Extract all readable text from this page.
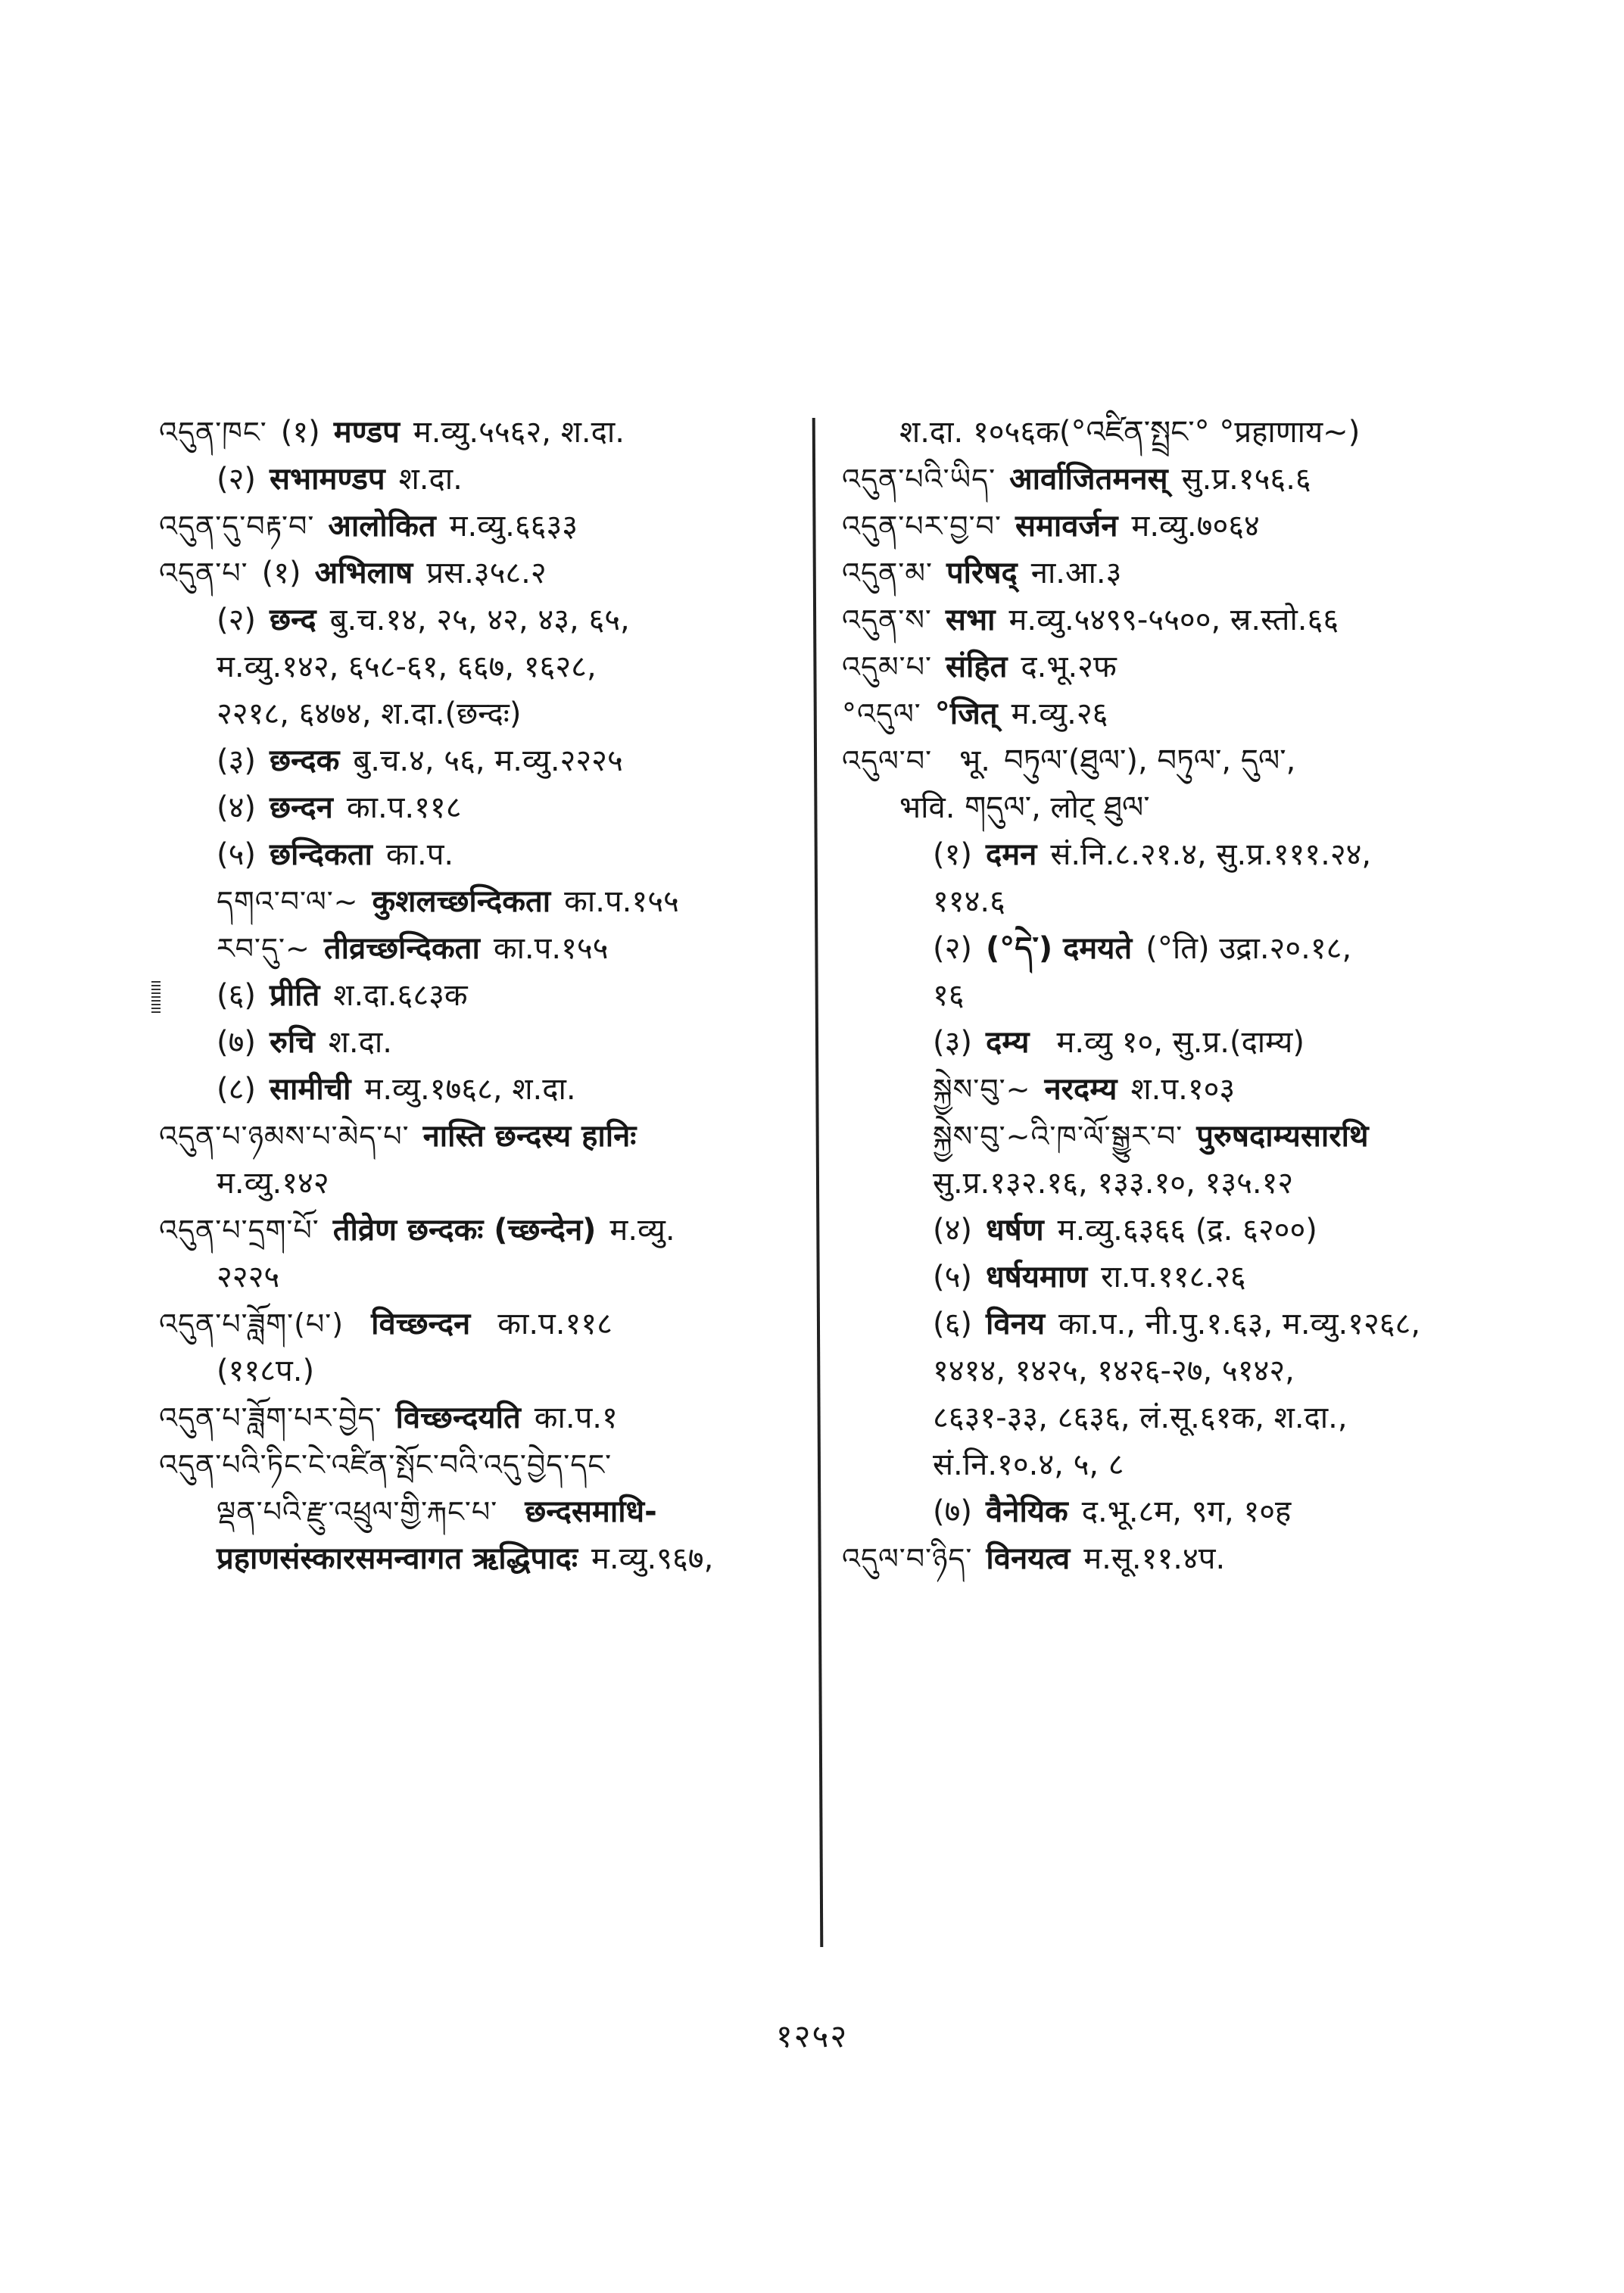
འདུན་ཁང་ (१) मण्डप म.व्यु.५५६२, श.दा.
(२) सभामण्डप श.दा.
འདུན་དུ་བརྟ་བ་ आलोकित म.व्यु.६६३३
འདུན་པ་ (१) अभिलाष प्रस.३५८.२
(२) छन्द बु.च.१४, २५, ४२, ४३, ६५,
म.व्यु.१४२, ६५८-६१, ६६७, १६२८,
२२१८, ६४७४, श.दा.(छन्दः)
(३) छन्दक बु.च.४, ५६, म.व्यु.२२२५
(४) छन्दन का.प.११८
(५) छन्दिकता का.प.
དགའ་བ་ལ་~ कुशलच्छन्दिकता का.प.१५५
རབ་དུ་~ तीव्रच्छन्दिकता का.प.१५५
(६) प्रीति श.दा.६८३क
(७) रुचि श.दा.
(८) सामीची म.व्यु.१७६८, श.दा.
འདུན་པ་ཉམས་པ་མེད་པ་ नास्ति छन्दस्य हानिः
म.व्यु.१४२
འདུན་པ་དྲག་པོ་ तीव्रेण छन्दकः (च्छन्देन) म.व्यु.
२२२५
འདུན་པ་ཟློག་(པ་) विच्छन्दन का.प.११८
(११८प.)
འདུན་པ་ཟློག་པར་བྱེད་ विच्छन्दयति का.प.१
འདུན་པའི་ཏིང་ངེ་འཛིན་སྤོང་བའི་འདུ་བྱེད་དང་
ལྡན་པའི་རྫུ་འཕྲུལ་གྱི་རྐང་པ་ छन्दसमाधि-
प्रहाणसंस्कारसमन्वागत ऋद्धिपादः म.व्यु.९६७,
श.दा. १०५६क(°འཛིན་སྤྲང་° °प्रहाणाय~)
འདུན་པའི་ཡིད་ आर्वाजितमनस् सु.प्र.१५६.६
འདུན་པར་བྱ་བ་ समावर्जन म.व्यु.७०६४
འདུན་མ་ परिषद् ना.आ.३
འདུན་ས་ सभा म.व्यु.५४९९-५५००, स्र.स्तो.६६
འདུམ་པ་ संहित द.भू.२फ
°འདུལ་ °जित् म.व्यु.२६
འདུལ་བ་ भू. བཏུལ་(ཐུལ་), བཏུལ་, དུལ་,
भवि. གདུལ་, लोट् ཐུལ་
(१) दमन सं.नि.८.२१.४, सु.प्र.१११.२४,
११४.६
(२) (°དེ་) दमयते (°ति) उद्रा.२०.१८,
१६
(३) दम्य म.व्यु १०, सु.प्र.(दाम्य)
སྐྱེས་བུ་~ नरदम्य श.प.१०३
སྐྱེས་བུ་~འི་ཁ་ལོ་སྒྱུར་བ་ पुरुषदाम्यसारथि
सु.प्र.१३२.१६, १३३.१०, १३५.१२
(४) धर्षण म.व्यु.६३६६ (द्र. ६२००)
(५) धर्षयमाण रा.प.११८.२६
(६) विनय का.प., नी.पु.१.६३, म.व्यु.१२६८,
१४१४, १४२५, १४२६-२७, ५१४२,
८६३१-३३, ८६३६, लं.सू.६१क, श.दा.,
सं.नि.१०.४, ५, ८
(७) वैनेयिक द.भू.८म, ९ग, १०ह
འདུལ་བ་ཉིད་ विनयत्व म.सू.११.४प.
१२५२
